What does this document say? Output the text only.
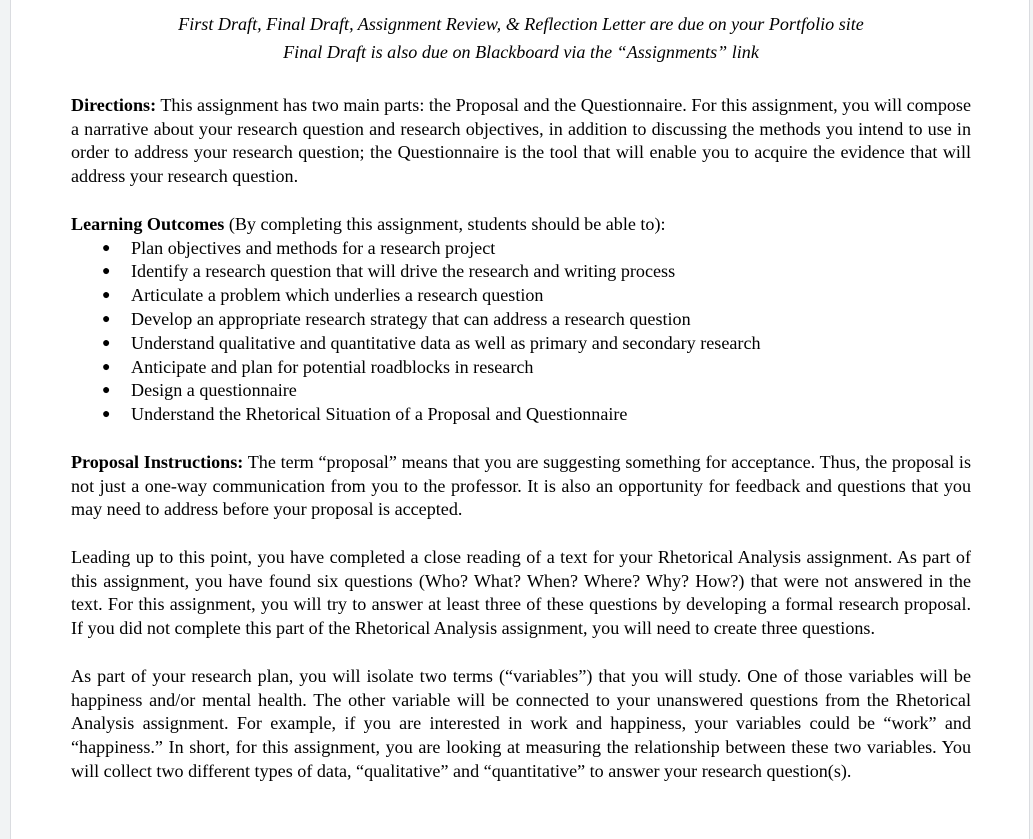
First Draft, Final Draft, Assignment Review, & Reflection Letter are due on your Portfolio site
Final Draft is also due on Blackboard via the “Assignments” link

Directions: This assignment has two main parts: the Proposal and the Questionnaire. For this assignment, you will compose a narrative about your research question and research objectives, in addition to discussing the methods you intend to use in order to address your research question; the Questionnaire is the tool that will enable you to acquire the evidence that will address your research question.

Learning Outcomes (By completing this assignment, students should be able to):

● Plan objectives and methods for a research project
● Identify a research question that will drive the research and writing process
● Articulate a problem which underlies a research question
● Develop an appropriate research strategy that can address a research question
● Understand qualitative and quantitative data as well as primary and secondary research
● Anticipate and plan for potential roadblocks in research
● Design a questionnaire
● Understand the Rhetorical Situation of a Proposal and Questionnaire

Proposal Instructions: The term “proposal” means that you are suggesting something for acceptance. Thus, the proposal is not just a one-way communication from you to the professor. It is also an opportunity for feedback and questions that you may need to address before your proposal is accepted.

Leading up to this point, you have completed a close reading of a text for your Rhetorical Analysis assignment. As part of this assignment, you have found six questions (Who? What? When? Where? Why? How?) that were not answered in the text. For this assignment, you will try to answer at least three of these questions by developing a formal research proposal. If you did not complete this part of the Rhetorical Analysis assignment, you will need to create three questions.

As part of your research plan, you will isolate two terms (“variables”) that you will study. One of those variables will be happiness and/or mental health. The other variable will be connected to your unanswered questions from the Rhetorical Analysis assignment. For example, if you are interested in work and happiness, your variables could be “work” and “happiness.” In short, for this assignment, you are looking at measuring the relationship between these two variables. You will collect two different types of data, “qualitative” and “quantitative” to answer your research question(s).
